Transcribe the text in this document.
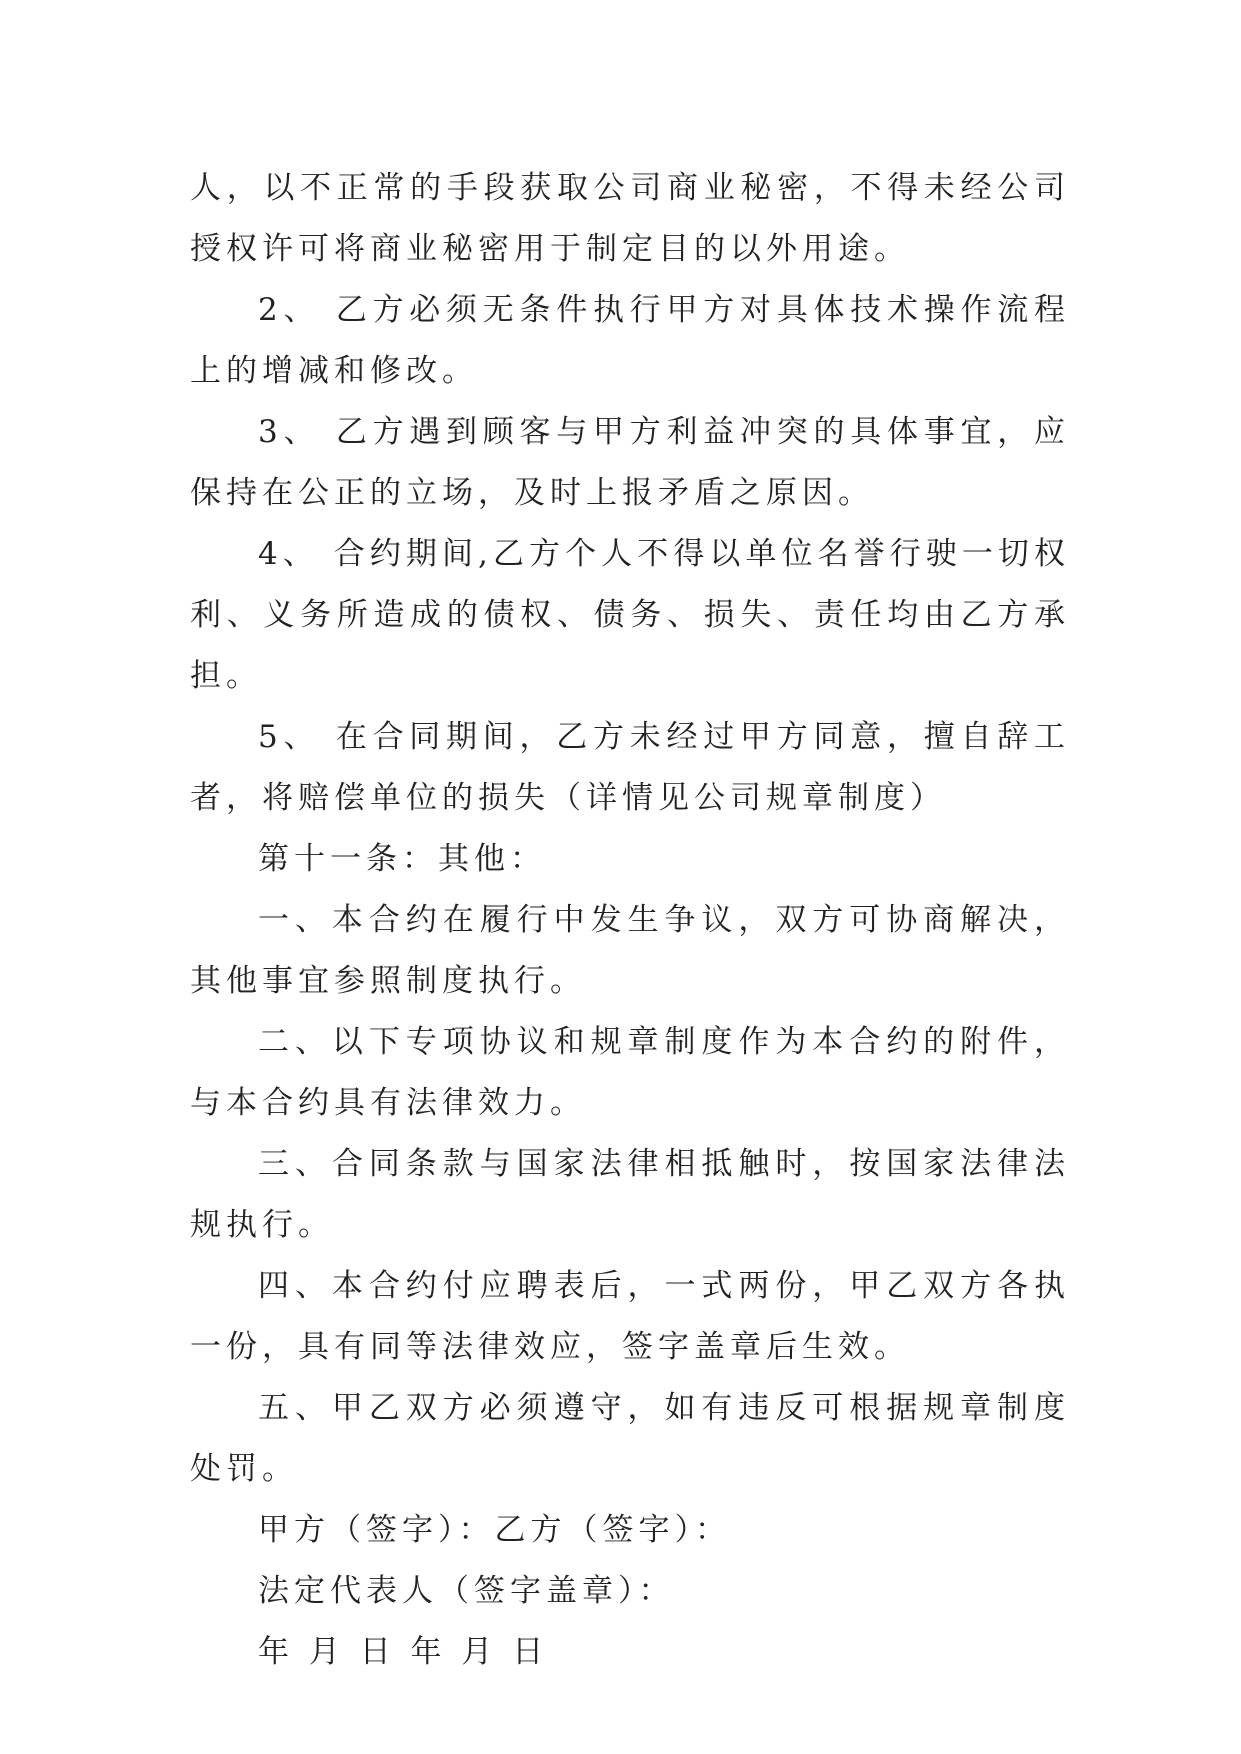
人，以不正常的手段获取公司商业秘密，不得未经公司授权许可将商业秘密用于制定目的以外用途。

2、 乙方必须无条件执行甲方对具体技术操作流程上的增减和修改。

3、 乙方遇到顾客与甲方利益冲突的具体事宜，应保持在公正的立场，及时上报矛盾之原因。

4、 合约期间,乙方个人不得以单位名誉行驶一切权利、义务所造成的债权、债务、损失、责任均由乙方承担。

5、 在合同期间，乙方未经过甲方同意，擅自辞工者，将赔偿单位的损失（详情见公司规章制度）

第十一条：其他：

一、本合约在履行中发生争议，双方可协商解决，其他事宜参照制度执行。

二、以下专项协议和规章制度作为本合约的附件，与本合约具有法律效力。

三、合同条款与国家法律相抵触时，按国家法律法规执行。

四、本合约付应聘表后，一式两份，甲乙双方各执一份，具有同等法律效应，签字盖章后生效。

五、甲乙双方必须遵守，如有违反可根据规章制度处罚。

甲方（签字）：乙方（签字）：

法定代表人（签字盖章）：

年 月 日 年 月 日
